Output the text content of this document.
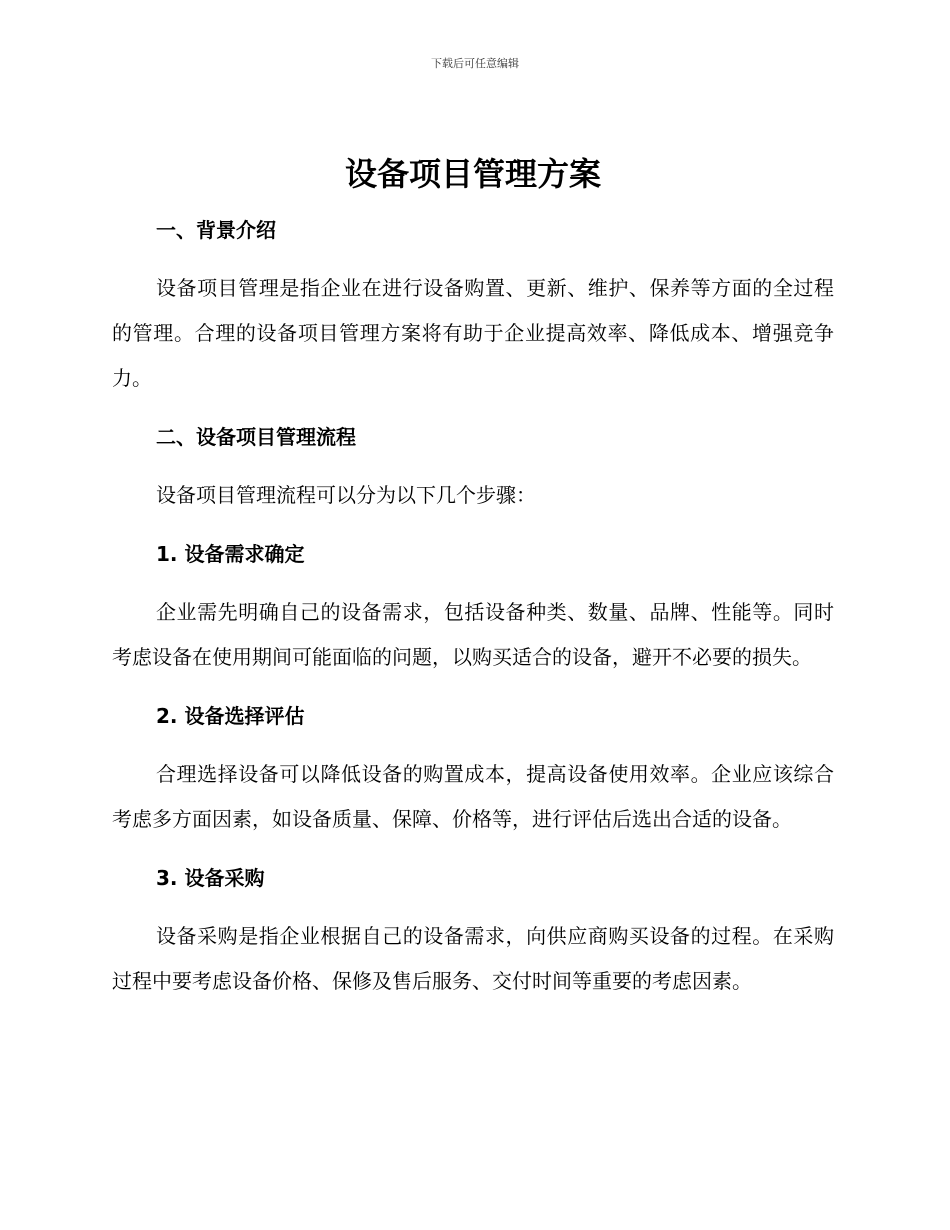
下载后可任意编辑
设备项目管理方案
一、背景介绍

设备项目管理是指企业在进行设备购置、更新、维护、保养等方面的全过程的管理。合理的设备项目管理方案将有助于企业提高效率、降低成本、增强竞争力。

二、设备项目管理流程

设备项目管理流程可以分为以下几个步骤：

1. 设备需求确定

企业需先明确自己的设备需求，包括设备种类、数量、品牌、性能等。同时考虑设备在使用期间可能面临的问题，以购买适合的设备，避开不必要的损失。

2. 设备选择评估

合理选择设备可以降低设备的购置成本，提高设备使用效率。企业应该综合考虑多方面因素，如设备质量、保障、价格等，进行评估后选出合适的设备。

3. 设备采购

设备采购是指企业根据自己的设备需求，向供应商购买设备的过程。在采购过程中要考虑设备价格、保修及售后服务、交付时间等重要的考虑因素。
